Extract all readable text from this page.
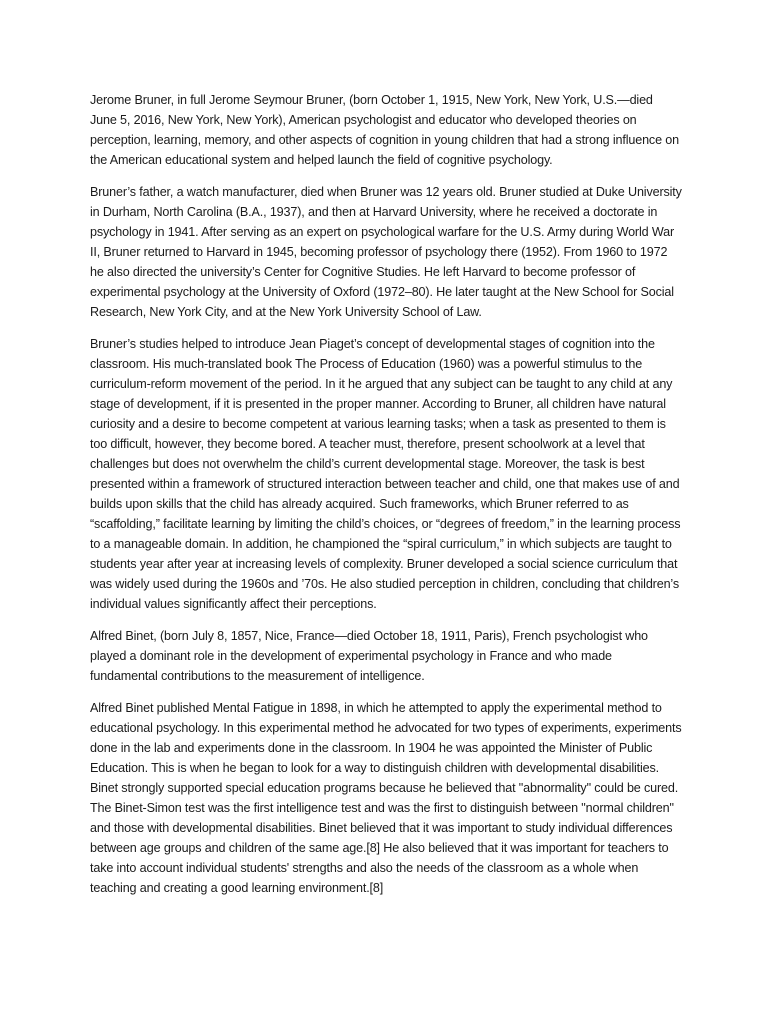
Jerome Bruner, in full Jerome Seymour Bruner, (born October 1, 1915, New York, New York, U.S.—died June 5, 2016, New York, New York), American psychologist and educator who developed theories on perception, learning, memory, and other aspects of cognition in young children that had a strong influence on the American educational system and helped launch the field of cognitive psychology.

Bruner’s father, a watch manufacturer, died when Bruner was 12 years old. Bruner studied at Duke University in Durham, North Carolina (B.A., 1937), and then at Harvard University, where he received a doctorate in psychology in 1941. After serving as an expert on psychological warfare for the U.S. Army during World War II, Bruner returned to Harvard in 1945, becoming professor of psychology there (1952). From 1960 to 1972 he also directed the university’s Center for Cognitive Studies. He left Harvard to become professor of experimental psychology at the University of Oxford (1972–80). He later taught at the New School for Social Research, New York City, and at the New York University School of Law.

Bruner’s studies helped to introduce Jean Piaget’s concept of developmental stages of cognition into the classroom. His much-translated book The Process of Education (1960) was a powerful stimulus to the curriculum-reform movement of the period. In it he argued that any subject can be taught to any child at any stage of development, if it is presented in the proper manner. According to Bruner, all children have natural curiosity and a desire to become competent at various learning tasks; when a task as presented to them is too difficult, however, they become bored. A teacher must, therefore, present schoolwork at a level that challenges but does not overwhelm the child’s current developmental stage. Moreover, the task is best presented within a framework of structured interaction between teacher and child, one that makes use of and builds upon skills that the child has already acquired. Such frameworks, which Bruner referred to as “scaffolding,” facilitate learning by limiting the child’s choices, or “degrees of freedom,” in the learning process to a manageable domain. In addition, he championed the “spiral curriculum,” in which subjects are taught to students year after year at increasing levels of complexity. Bruner developed a social science curriculum that was widely used during the 1960s and ’70s. He also studied perception in children, concluding that children’s individual values significantly affect their perceptions.

Alfred Binet, (born July 8, 1857, Nice, France—died October 18, 1911, Paris), French psychologist who played a dominant role in the development of experimental psychology in France and who made fundamental contributions to the measurement of intelligence.

Alfred Binet published Mental Fatigue in 1898, in which he attempted to apply the experimental method to educational psychology. In this experimental method he advocated for two types of experiments, experiments done in the lab and experiments done in the classroom. In 1904 he was appointed the Minister of Public Education. This is when he began to look for a way to distinguish children with developmental disabilities. Binet strongly supported special education programs because he believed that "abnormality" could be cured. The Binet-Simon test was the first intelligence test and was the first to distinguish between "normal children" and those with developmental disabilities. Binet believed that it was important to study individual differences between age groups and children of the same age.[8] He also believed that it was important for teachers to take into account individual students' strengths and also the needs of the classroom as a whole when teaching and creating a good learning environment.[8]
